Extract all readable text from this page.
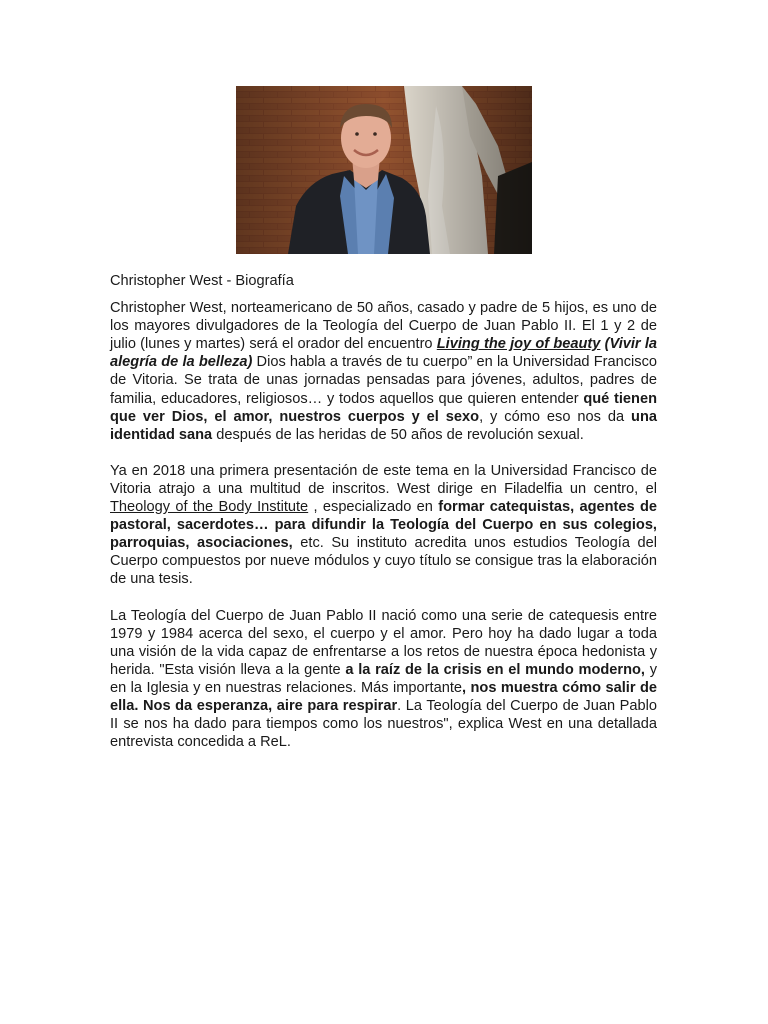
Christopher West - Biografía

Christopher West, norteamericano de 50 años, casado y padre de 5 hijos, es uno de los mayores divulgadores de la Teología del Cuerpo de Juan Pablo II. El 1 y 2 de julio (lunes y martes) será el orador del encuentro Living the joy of beauty (Vivir la alegría de la belleza) Dios habla a través de tu cuerpo” en la Universidad Francisco de Vitoria. Se trata de unas jornadas pensadas para jóvenes, adultos, padres de familia, educadores, religiosos… y todos aquellos que quieren entender qué tienen que ver Dios, el amor, nuestros cuerpos y el sexo, y cómo eso nos da una identidad sana después de las heridas de 50 años de revolución sexual.

Ya en 2018 una primera presentación de este tema en la Universidad Francisco de Vitoria atrajo a una multitud de inscritos. West dirige en Filadelfia un centro, el Theology of the Body Institute , especializado en formar catequistas, agentes de pastoral, sacerdotes… para difundir la Teología del Cuerpo en sus colegios, parroquias, asociaciones, etc. Su instituto acredita unos estudios Teología del Cuerpo compuestos por nueve módulos y cuyo título se consigue tras la elaboración de una tesis.

La Teología del Cuerpo de Juan Pablo II nació como una serie de catequesis entre 1979 y 1984 acerca del sexo, el cuerpo y el amor. Pero hoy ha dado lugar a toda una visión de la vida capaz de enfrentarse a los retos de nuestra época hedonista y herida. "Esta visión lleva a la gente a la raíz de la crisis en el mundo moderno, y en la Iglesia y en nuestras relaciones. Más importante, nos muestra cómo salir de ella. Nos da esperanza, aire para respirar. La Teología del Cuerpo de Juan Pablo II se nos ha dado para tiempos como los nuestros", explica West en una detallada entrevista concedida a ReL.
